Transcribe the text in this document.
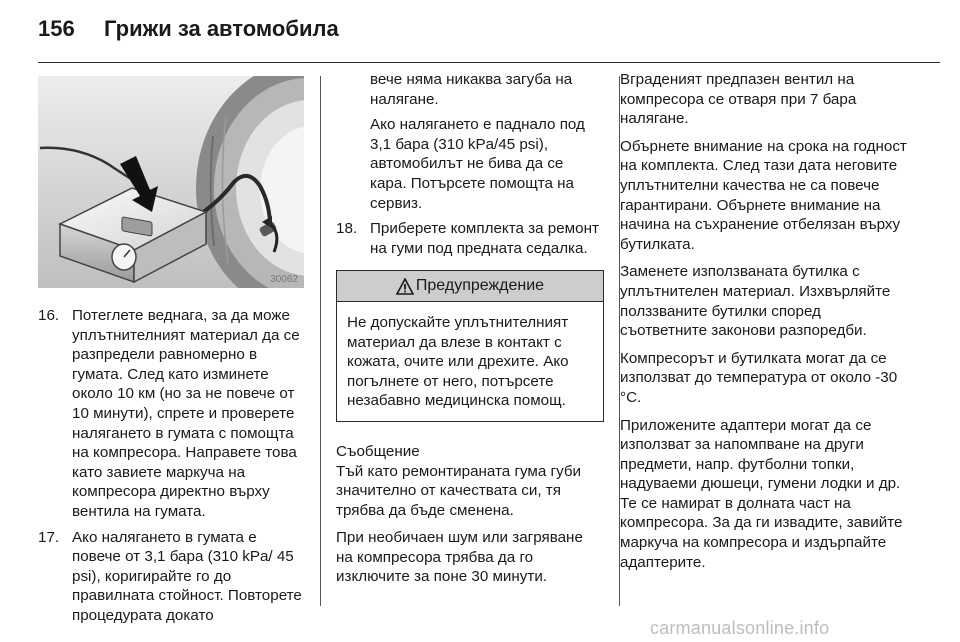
156	Грижи за автомобила
30062
16. Потеглете веднага, за да може уплътнителният материал да се разпредели равномерно в гумата. След като изминете около 10 км (но за не повече от 10 минути), спрете и проверете налягането в гумата с помощта на компресора. Направете това като завиете маркуча на компресора директно върху вентила на гумата.
17. Ако налягането в гумата е повече от 3,1 бара (310 kPa/ 45 psi), коригирайте го до правилната стойност. Повторете процедурата докато
вече няма никаква загуба на налягане.
Ако налягането е паднало под 3,1 бара (310 kPa/45 psi), автомобилът не бива да се кара. Потърсете помощта на сервиз.
18. Приберете комплекта за ремонт на гуми под предната седалка.
Предупреждение
Не допускайте уплътнителният материал да влезе в контакт с кожата, очите или дрехите. Ако погълнете от него, потърсете незабавно медицинска помощ.

Съобщение

Тъй като ремонтираната гума губи значително от качествата си, тя трябва да бъде сменена.

При необичаен шум или загряване на компресора трябва да го изключите за поне 30 минути.

Вграденият предпазен вентил на компресора се отваря при 7 бара налягане.

Обърнете внимание на срока на годност на комплекта. След тази дата неговите уплътнителни качества не са повече гарантирани. Обърнете внимание на начина на съхранение отбелязан върху бутилката.

Заменете използваната бутилка с уплътнителен материал. Изхвърляйте полззваните бутилки според съответните законови разпоредби.

Компресорът и бутилката могат да се използват до температура от около -30 °C.

Приложените адаптери могат да се използват за напомпване на други предмети, напр. футболни топки, надуваеми дюшеци, гумени лодки и др. Те се намират в долната част на компресора. За да ги извадите, завийте маркуча на компресора и издърпайте адаптерите.

carmanualsonline.info
